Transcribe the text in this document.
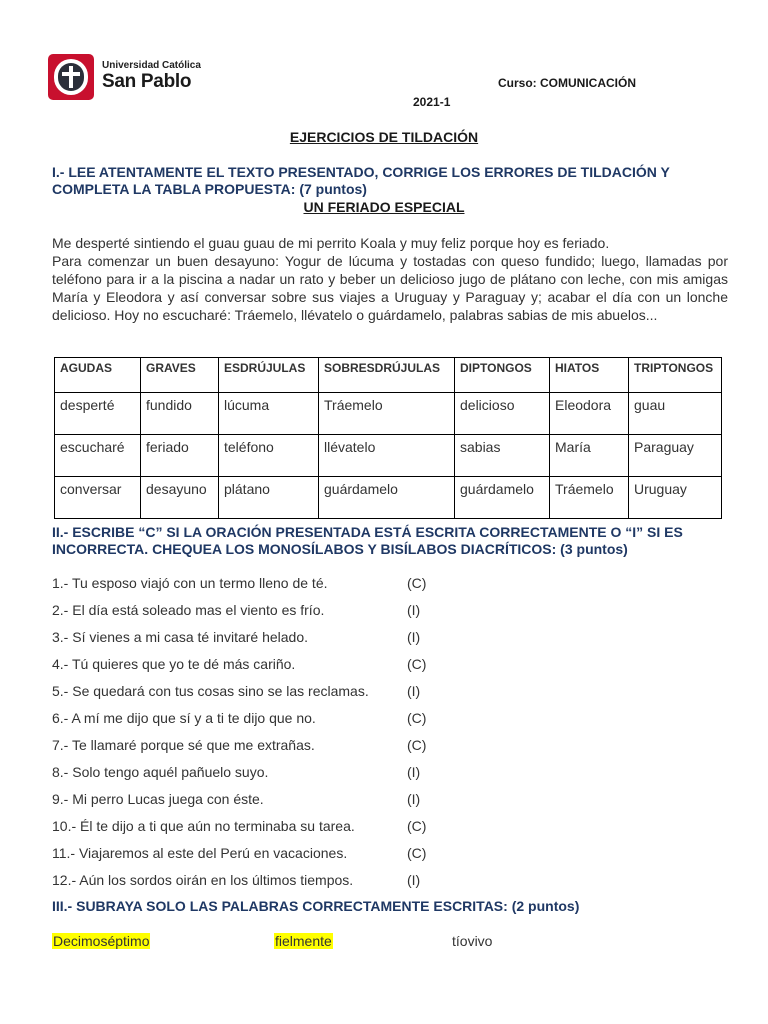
Universidad Católica
San Pablo	Curso: COMUNICACIÓN
2021-1
EJERCICIOS DE TILDACIÓN
I.- LEE ATENTAMENTE EL TEXTO PRESENTADO, CORRIGE LOS ERRORES DE TILDACIÓN Y COMPLETA LA TABLA PROPUESTA: (7 puntos)
UN FERIADO ESPECIAL

Me desperté sintiendo el guau guau de mi perrito Koala y muy feliz porque hoy es feriado.

Para comenzar un buen desayuno: Yogur de lúcuma y tostadas con queso fundido; luego, llamadas por teléfono para ir a la piscina a nadar un rato y beber un delicioso jugo de plátano con leche, con mis amigas María y Eleodora y así conversar sobre sus viajes a Uruguay y Paraguay y; acabar el día con un lonche delicioso. Hoy no escucharé: Tráemelo, llévatelo o guárdamelo, palabras sabias de mis abuelos...

AGUDAS	GRAVES	ESDRÚJULAS	SOBRESDRÚJULAS	DIPTONGOS	HIATOS	TRIPTONGOS
desperté	fundido	lúcuma	Tráemelo	delicioso	Eleodora	guau
escucharé	feriado	teléfono	llévatelo	sabias	María	Paraguay
conversar	desayuno	plátano	guárdamelo	guárdamelo	Tráemelo	Uruguay
II.- ESCRIBE “C” SI LA ORACIÓN PRESENTADA ESTÁ ESCRITA CORRECTAMENTE O “I” SI ES INCORRECTA. CHEQUEA LOS MONOSÍLABOS Y BISÍLABOS DIACRÍTICOS: (3 puntos)
1.- Tu esposo viajó con un termo lleno de té.	(C)
2.- El día está soleado mas el viento es frío.	(I)
3.- Sí vienes a mi casa té invitaré helado.	(I)
4.- Tú quieres que yo te dé más cariño.	(C)
5.- Se quedará con tus cosas sino se las reclamas.	(I)
6.- A mí me dijo que sí y a ti te dijo que no.	(C)
7.- Te llamaré porque sé que me extrañas.	(C)
8.- Solo tengo aquél pañuelo suyo.	(I)
9.- Mi perro Lucas juega con éste.	(I)
10.- Él te dijo a ti que aún no terminaba su tarea.	(C)
11.- Viajaremos al este del Perú en vacaciones.	(C)
12.- Aún los sordos oirán en los últimos tiempos.	(I)
III.- SUBRAYA SOLO LAS PALABRAS CORRECTAMENTE ESCRITAS: (2 puntos)
Decimoséptimo	fielmente	tíovivo
